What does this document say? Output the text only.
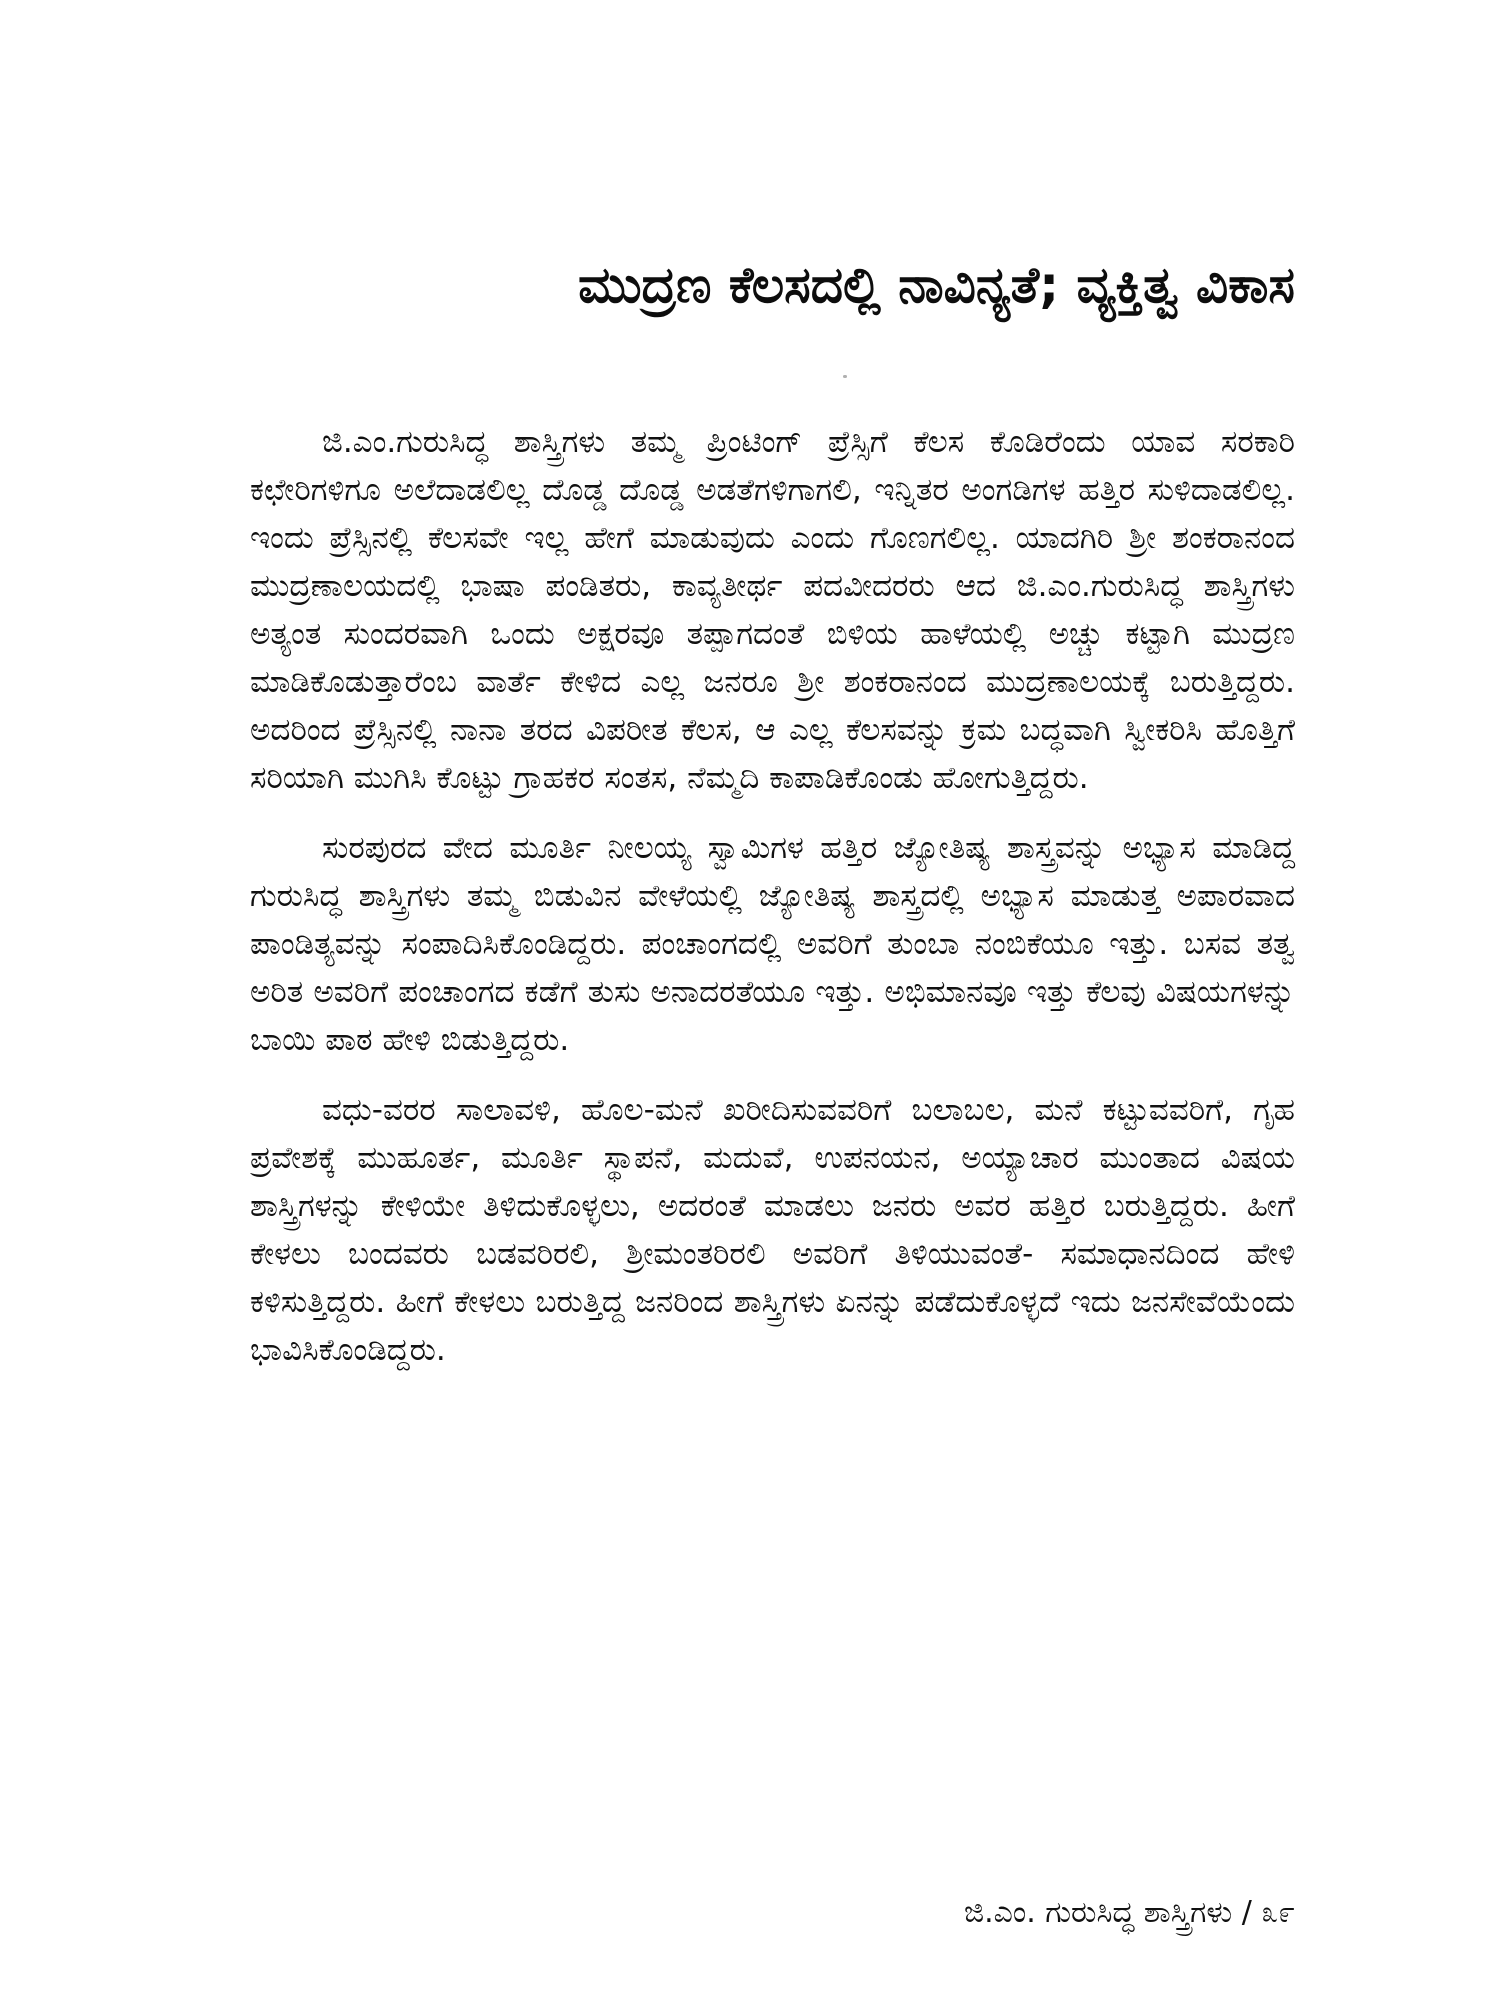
ಮುದ್ರಣ ಕೆಲಸದಲ್ಲಿ ನಾವಿನ್ಯತೆ; ವ್ಯಕ್ತಿತ್ವ ವಿಕಾಸ

ಜಿ.ಎಂ.ಗುರುಸಿದ್ಧ ಶಾಸ್ತ್ರಿಗಳು ತಮ್ಮ ಪ್ರಿಂಟಿಂಗ್ ಪ್ರೆಸ್ಸಿಗೆ ಕೆಲಸ ಕೊಡಿರೆಂದು ಯಾವ ಸರಕಾರಿ ಕಛೇರಿಗಳಿಗೂ ಅಲೆದಾಡಲಿಲ್ಲ ದೊಡ್ಡ ದೊಡ್ಡ ಅಡತೆಗಳಿಗಾಗಲಿ, ಇನ್ನಿತರ ಅಂಗಡಿಗಳ ಹತ್ತಿರ ಸುಳಿದಾಡಲಿಲ್ಲ. ಇಂದು ಪ್ರೆಸ್ಸಿನಲ್ಲಿ ಕೆಲಸವೇ ಇಲ್ಲ ಹೇಗೆ ಮಾಡುವುದು ಎಂದು ಗೊಣಗಲಿಲ್ಲ. ಯಾದಗಿರಿ ಶ್ರೀ ಶಂಕರಾನಂದ ಮುದ್ರಣಾಲಯದಲ್ಲಿ ಭಾಷಾ ಪಂಡಿತರು, ಕಾವ್ಯತೀರ್ಥ ಪದವೀದರರು ಆದ ಜಿ.ಎಂ.ಗುರುಸಿದ್ಧ ಶಾಸ್ತ್ರಿಗಳು ಅತ್ಯಂತ ಸುಂದರವಾಗಿ ಒಂದು ಅಕ್ಷರವೂ ತಪ್ಪಾಗದಂತೆ ಬಿಳಿಯ ಹಾಳೆಯಲ್ಲಿ ಅಚ್ಚು ಕಟ್ಟಾಗಿ ಮುದ್ರಣ ಮಾಡಿಕೊಡುತ್ತಾರೆಂಬ ವಾರ್ತೆ ಕೇಳಿದ ಎಲ್ಲ ಜನರೂ ಶ್ರೀ ಶಂಕರಾನಂದ ಮುದ್ರಣಾಲಯಕ್ಕೆ ಬರುತ್ತಿದ್ದರು. ಅದರಿಂದ ಪ್ರೆಸ್ಸಿನಲ್ಲಿ ನಾನಾ ತರದ ವಿಪರೀತ ಕೆಲಸ, ಆ ಎಲ್ಲ ಕೆಲಸವನ್ನು ಕ್ರಮ ಬದ್ಧವಾಗಿ ಸ್ವೀಕರಿಸಿ ಹೊತ್ತಿಗೆ ಸರಿಯಾಗಿ ಮುಗಿಸಿ ಕೊಟ್ಟು ಗ್ರಾಹಕರ ಸಂತಸ, ನೆಮ್ಮದಿ ಕಾಪಾಡಿಕೊಂಡು ಹೋಗುತ್ತಿದ್ದರು.

ಸುರಪುರದ ವೇದ ಮೂರ್ತಿ ನೀಲಯ್ಯ ಸ್ವಾಮಿಗಳ ಹತ್ತಿರ ಜ್ಯೋತಿಷ್ಯ ಶಾಸ್ತ್ರವನ್ನು ಅಭ್ಯಾಸ ಮಾಡಿದ್ದ ಗುರುಸಿದ್ಧ ಶಾಸ್ತ್ರಿಗಳು ತಮ್ಮ ಬಿಡುವಿನ ವೇಳೆಯಲ್ಲಿ ಜ್ಯೋತಿಷ್ಯ ಶಾಸ್ತ್ರದಲ್ಲಿ ಅಭ್ಯಾಸ ಮಾಡುತ್ತ ಅಪಾರವಾದ ಪಾಂಡಿತ್ಯವನ್ನು ಸಂಪಾದಿಸಿಕೊಂಡಿದ್ದರು. ಪಂಚಾಂಗದಲ್ಲಿ ಅವರಿಗೆ ತುಂಬಾ ನಂಬಿಕೆಯೂ ಇತ್ತು. ಬಸವ ತತ್ವ ಅರಿತ ಅವರಿಗೆ ಪಂಚಾಂಗದ ಕಡೆಗೆ ತುಸು ಅನಾದರತೆಯೂ ಇತ್ತು. ಅಭಿಮಾನವೂ ಇತ್ತು ಕೆಲವು ವಿಷಯಗಳನ್ನು ಬಾಯಿ ಪಾಠ ಹೇಳಿ ಬಿಡುತ್ತಿದ್ದರು.

ವಧು-ವರರ ಸಾಲಾವಳಿ, ಹೊಲ-ಮನೆ ಖರೀದಿಸುವವರಿಗೆ ಬಲಾಬಲ, ಮನೆ ಕಟ್ಟುವವರಿಗೆ, ಗೃಹ ಪ್ರವೇಶಕ್ಕೆ ಮುಹೂರ್ತ, ಮೂರ್ತಿ ಸ್ಥಾಪನೆ, ಮದುವೆ, ಉಪನಯನ, ಅಯ್ಯಾಚಾರ ಮುಂತಾದ ವಿಷಯ ಶಾಸ್ತ್ರಿಗಳನ್ನು ಕೇಳಿಯೇ ತಿಳಿದುಕೊಳ್ಳಲು, ಅದರಂತೆ ಮಾಡಲು ಜನರು ಅವರ ಹತ್ತಿರ ಬರುತ್ತಿದ್ದರು. ಹೀಗೆ ಕೇಳಲು ಬಂದವರು ಬಡವರಿರಲಿ, ಶ್ರೀಮಂತರಿರಲಿ ಅವರಿಗೆ ತಿಳಿಯುವಂತೆ- ಸಮಾಧಾನದಿಂದ ಹೇಳಿ ಕಳಿಸುತ್ತಿದ್ದರು. ಹೀಗೆ ಕೇಳಲು ಬರುತ್ತಿದ್ದ ಜನರಿಂದ ಶಾಸ್ತ್ರಿಗಳು ಏನನ್ನು ಪಡೆದುಕೊಳ್ಳದೆ ಇದು ಜನಸೇವೆಯೆಂದು ಭಾವಿಸಿಕೊಂಡಿದ್ದರು.

ಜಿ.ಎಂ. ಗುರುಸಿದ್ಧ ಶಾಸ್ತ್ರಿಗಳು / ೩೯
